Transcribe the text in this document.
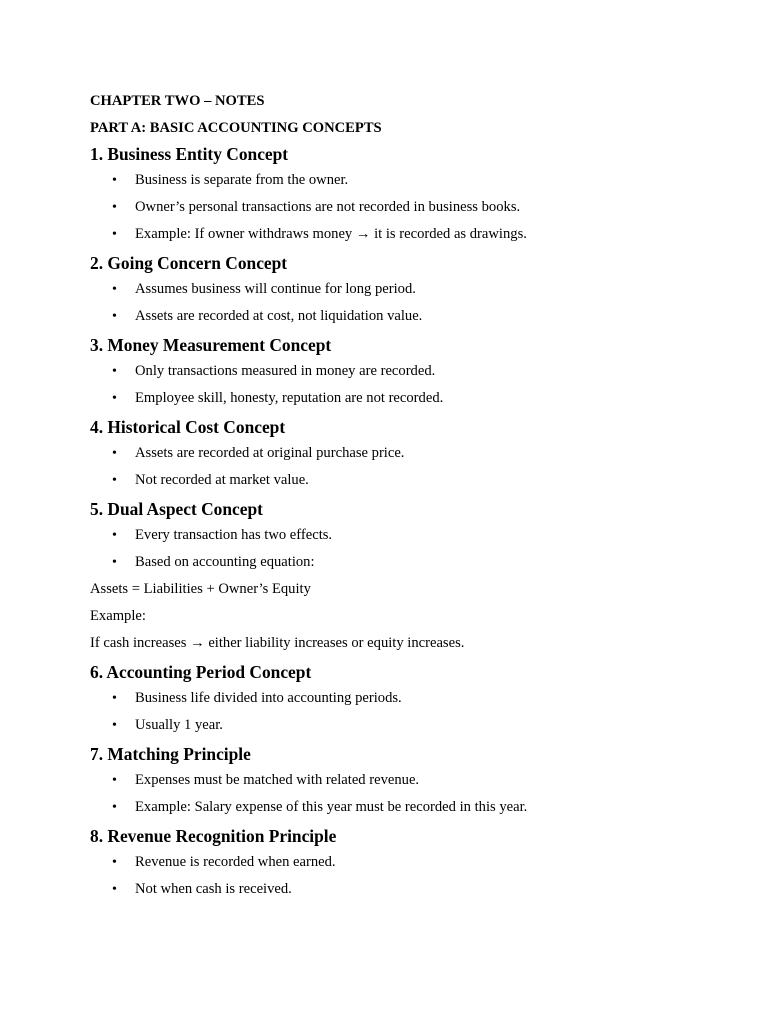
CHAPTER TWO – NOTES

PART A: BASIC ACCOUNTING CONCEPTS

1. Business Entity Concept
• Business is separate from the owner.
• Owner’s personal transactions are not recorded in business books.
• Example: If owner withdraws money → it is recorded as drawings.
2. Going Concern Concept
• Assumes business will continue for long period.
• Assets are recorded at cost, not liquidation value.
3. Money Measurement Concept
• Only transactions measured in money are recorded.
• Employee skill, honesty, reputation are not recorded.
4. Historical Cost Concept
• Assets are recorded at original purchase price.
• Not recorded at market value.
5. Dual Aspect Concept
• Every transaction has two effects.
• Based on accounting equation:

Assets = Liabilities + Owner’s Equity

Example:

If cash increases → either liability increases or equity increases.

6. Accounting Period Concept
• Business life divided into accounting periods.
• Usually 1 year.
7. Matching Principle
• Expenses must be matched with related revenue.
• Example: Salary expense of this year must be recorded in this year.
8. Revenue Recognition Principle
• Revenue is recorded when earned.
• Not when cash is received.
